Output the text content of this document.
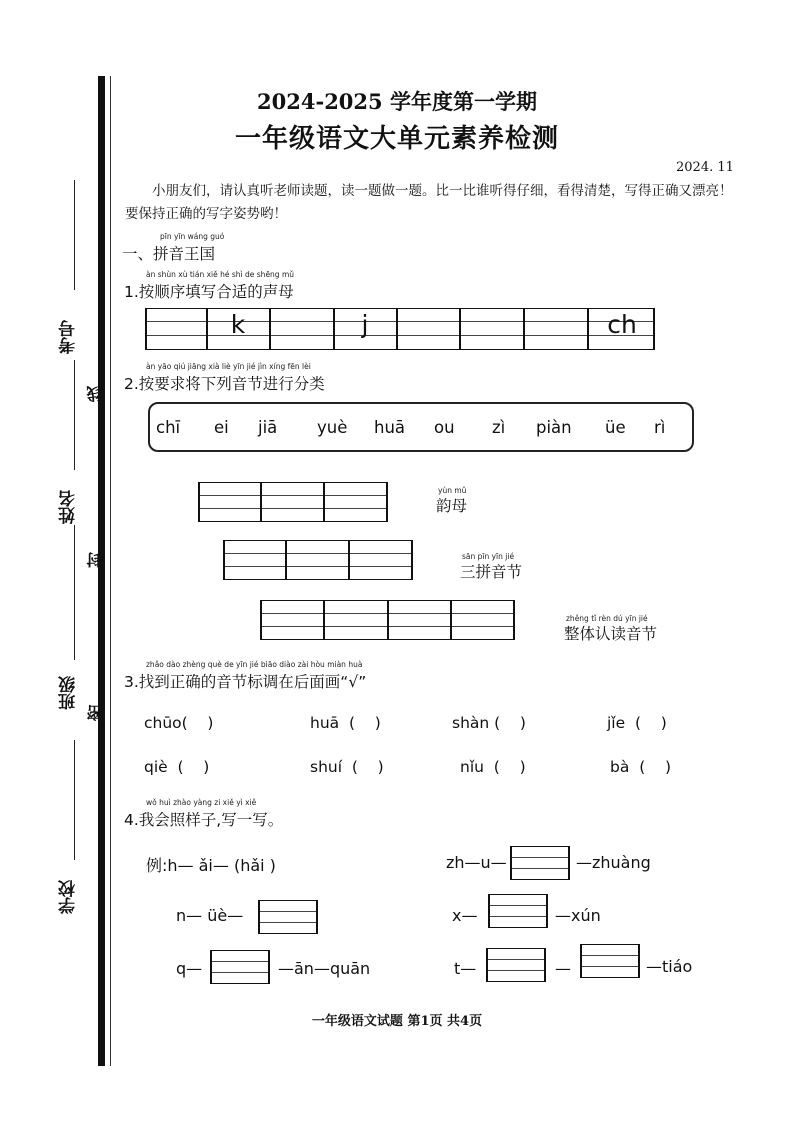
考号
姓名
班级
学校
线
封
密
2024-2025 学年度第一学期
一年级语文大单元素养检测
2024. 11
小朋友们，请认真听老师读题，读一题做一题。比一比谁听得仔细，看得清楚，写得正确又漂亮！要保持正确的写字姿势哟！
pīn yīn wáng guó
一、拼音王国
àn shùn xù tián xiě hé shì de shēng mǔ
1.按顺序填写合适的声母
k	j	ch
àn yāo qiú jiāng xià liè yīn jié jìn xíng fēn lèi
2.按要求将下列音节进行分类
chī ei jiā yuè huā ou zì piàn üe rì
yùn mǔ
韵母
sān pīn yīn jié
三拼音节
zhěng tǐ rèn dú yīn jié
整体认读音节
zhǎo dào zhèng què de yīn jié biāo diào zài hòu miàn huà
3.找到正确的音节标调在后面画“√”
chūo(    )	huā  (    )	shàn (    )	jǐe  (    )
qiè  (    )	shuí  (    )	nǐu  (    )	bà  (    )
wǒ huì zhào yàng zi xiě yì xiě
4.我会照样子,写一写。
例:h— ǎi— (hǎi )	zh—u—	—zhuàng
n— üè—	x—	—xún
q—	—ān—quān	t—	—	—tiáo
一年级语文试题 第1页 共4页
